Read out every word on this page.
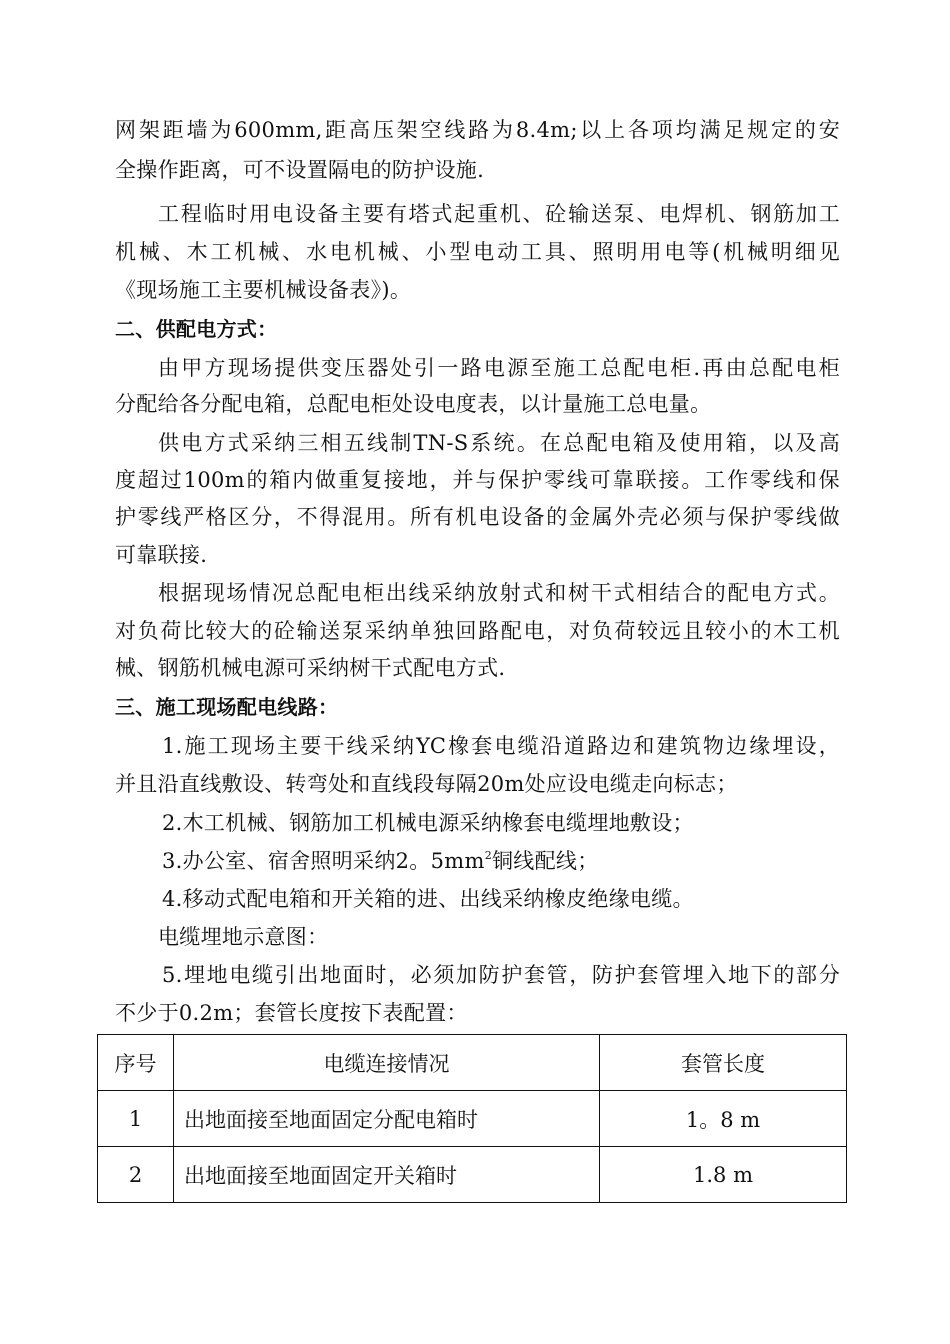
网架距墙为600mm,距高压架空线路为8.4m;以上各项均满足规定的安
全操作距离，可不设置隔电的防护设施.
工程临时用电设备主要有塔式起重机、砼输送泵、电焊机、钢筋加工
机械、木工机械、水电机械、小型电动工具、照明用电等(机械明细见
《现场施工主要机械设备表》)。
二、供配电方式：
由甲方现场提供变压器处引一路电源至施工总配电柜.再由总配电柜
分配给各分配电箱，总配电柜处设电度表，以计量施工总电量。
供电方式采纳三相五线制TN-S系统。在总配电箱及使用箱，以及高
度超过100m的箱内做重复接地，并与保护零线可靠联接。工作零线和保
护零线严格区分，不得混用。所有机电设备的金属外壳必须与保护零线做
可靠联接.
根据现场情况总配电柜出线采纳放射式和树干式相结合的配电方式。
对负荷比较大的砼输送泵采纳单独回路配电，对负荷较远且较小的木工机
械、钢筋机械电源可采纳树干式配电方式.
三、施工现场配电线路：
1.施工现场主要干线采纳YC橡套电缆沿道路边和建筑物边缘埋设，
并且沿直线敷设、转弯处和直线段每隔20m处应设电缆走向标志；
2.木工机械、钢筋加工机械电源采纳橡套电缆埋地敷设；
3.办公室、宿舍照明采纳2。$5mm^2$铜线配线；
4.移动式配电箱和开关箱的进、出线采纳橡皮绝缘电缆。
电缆埋地示意图：
5.埋地电缆引出地面时，必须加防护套管，防护套管埋入地下的部分
不少于0.2m；套管长度按下表配置：
序号	电缆连接情况	套管长度
1	出地面接至地面固定分配电箱时	1。8 m
2	出地面接至地面固定开关箱时	1.8 m
